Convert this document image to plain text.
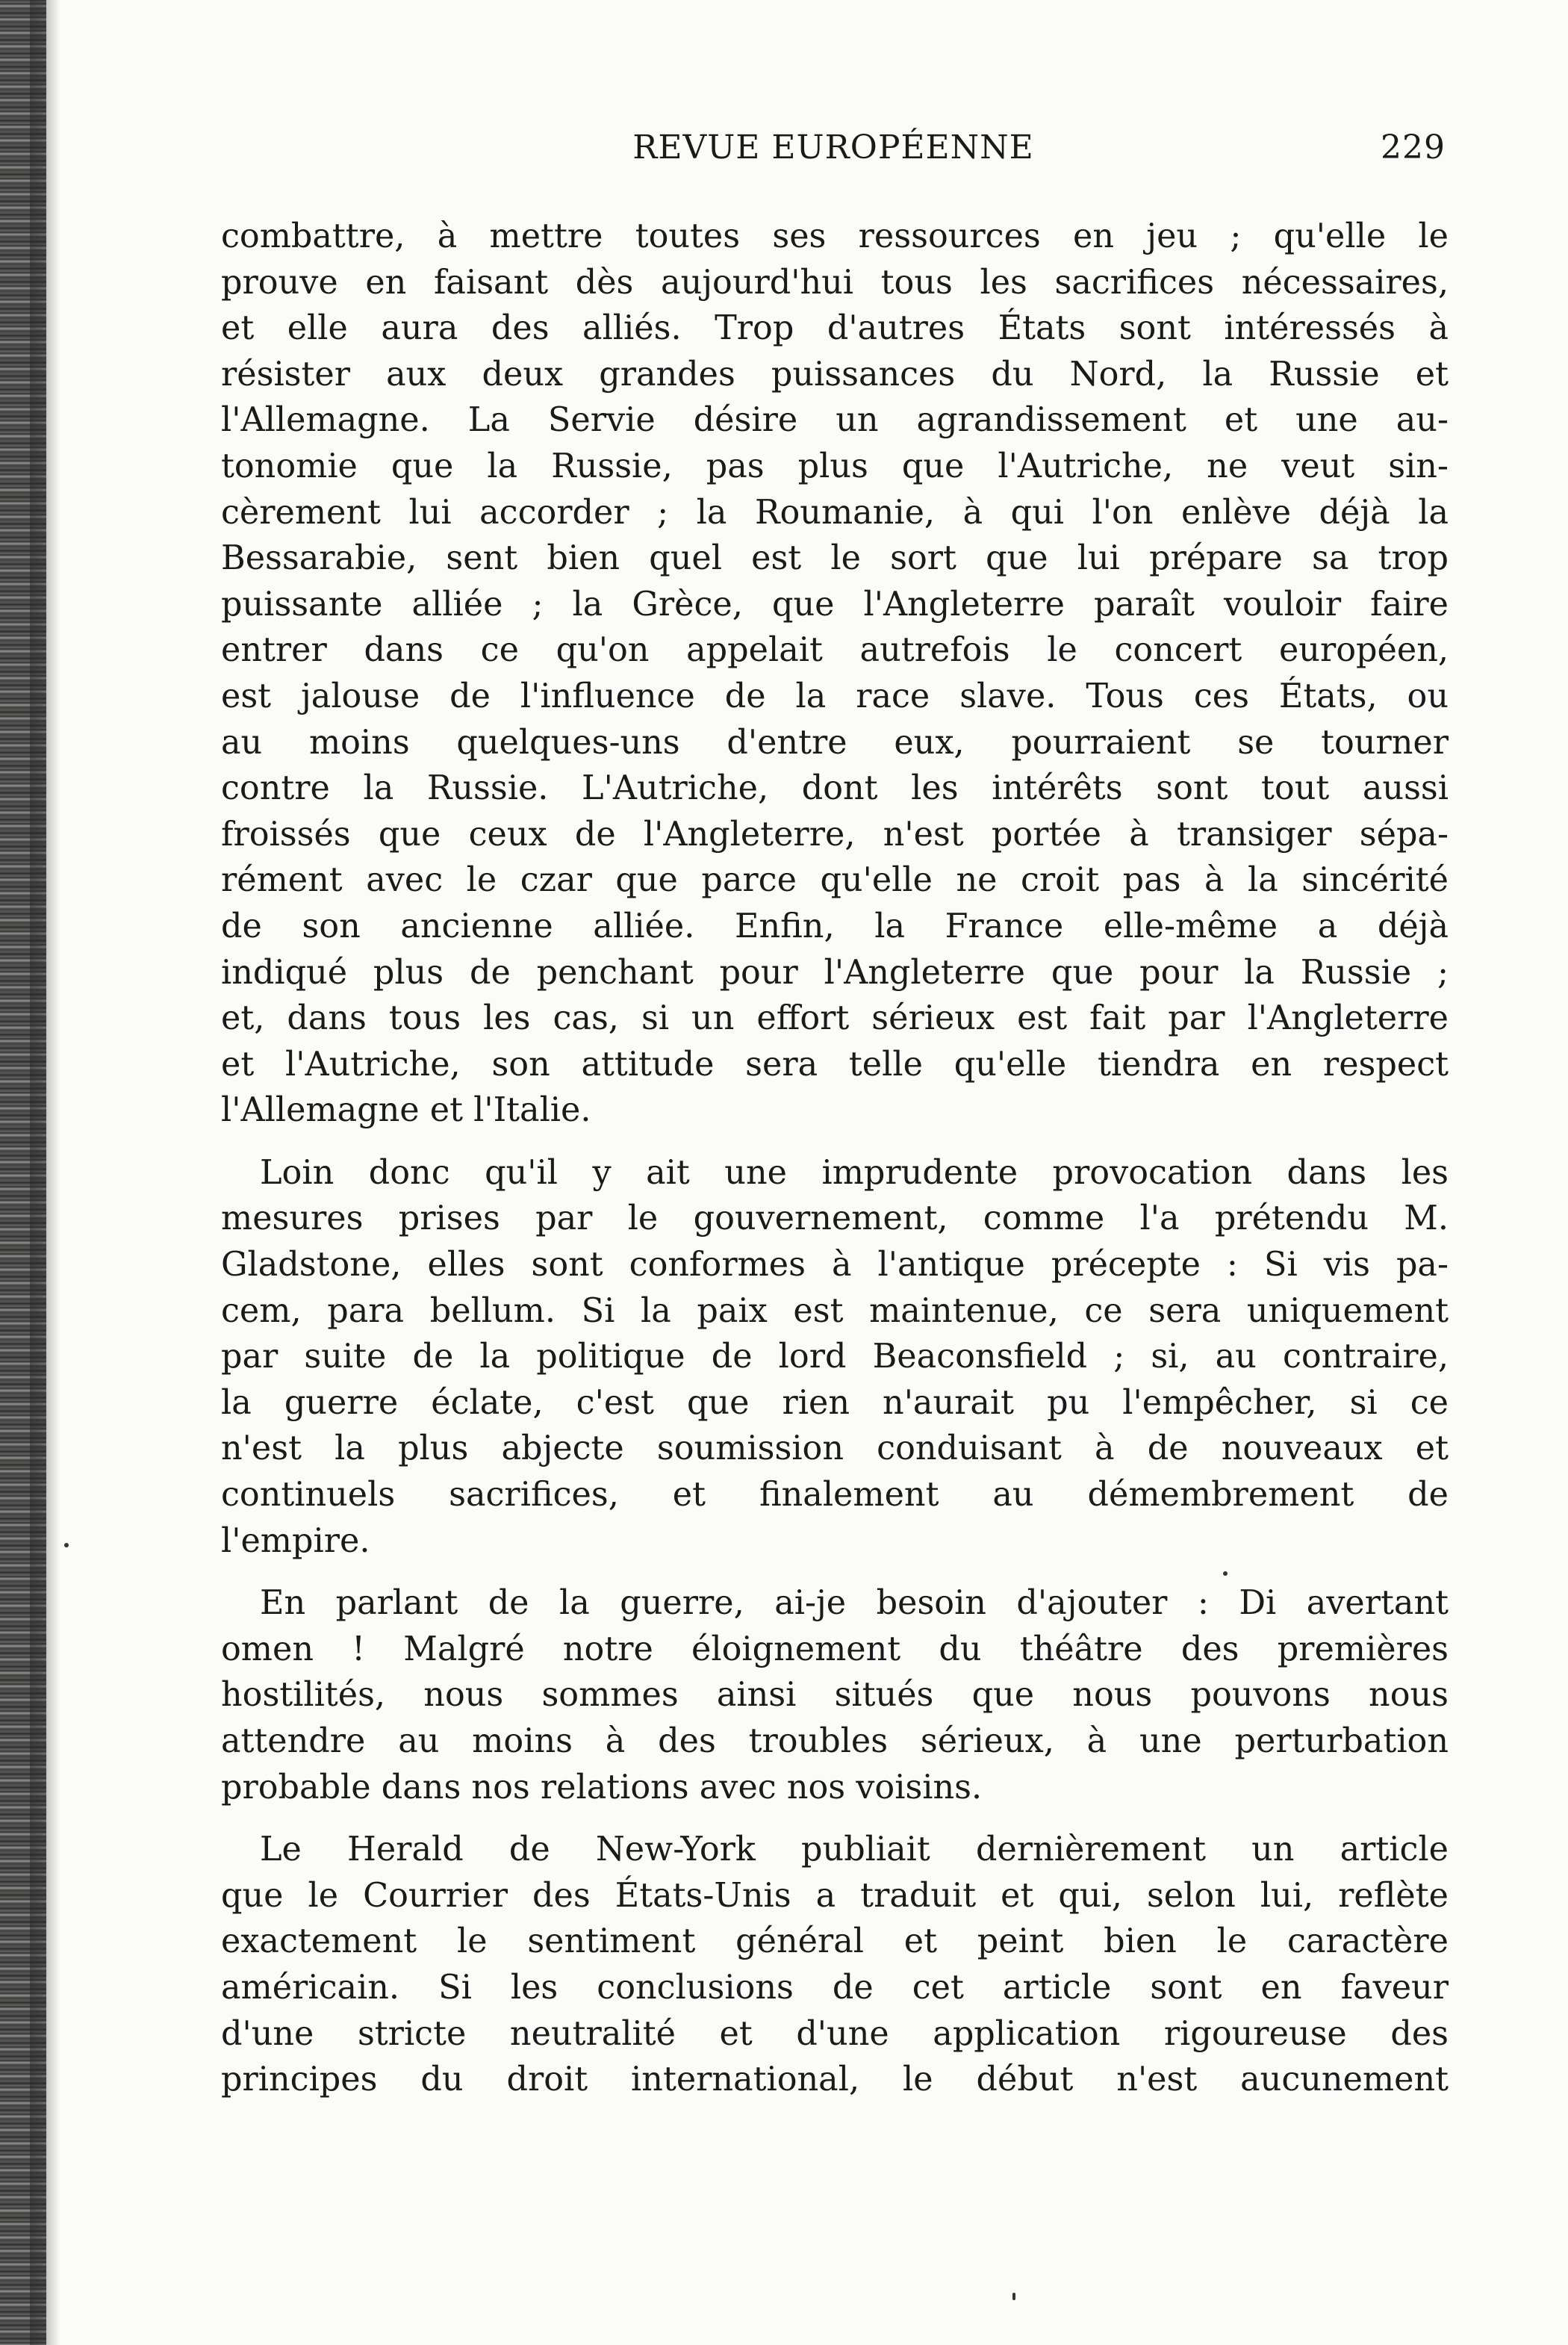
REVUE EUROPÉENNE	229
combattre, à mettre toutes ses ressources en jeu ; qu'elle le
prouve en faisant dès aujourd'hui tous les sacrifices nécessaires,
et elle aura des alliés. Trop d'autres États sont intéressés à
résister aux deux grandes puissances du Nord, la Russie et
l'Allemagne. La Servie désire un agrandissement et une au-
tonomie que la Russie, pas plus que l'Autriche, ne veut sin-
cèrement lui accorder ; la Roumanie, à qui l'on enlève déjà la
Bessarabie, sent bien quel est le sort que lui prépare sa trop
puissante alliée ; la Grèce, que l'Angleterre paraît vouloir faire
entrer dans ce qu'on appelait autrefois le concert européen,
est jalouse de l'influence de la race slave. Tous ces États, ou
au moins quelques-uns d'entre eux, pourraient se tourner
contre la Russie. L'Autriche, dont les intérêts sont tout aussi
froissés que ceux de l'Angleterre, n'est portée à transiger sépa-
rément avec le czar que parce qu'elle ne croit pas à la sincérité
de son ancienne alliée. Enfin, la France elle-même a déjà
indiqué plus de penchant pour l'Angleterre que pour la Russie ;
et, dans tous les cas, si un effort sérieux est fait par l'Angleterre
et l'Autriche, son attitude sera telle qu'elle tiendra en respect
l'Allemagne et l'Italie.
Loin donc qu'il y ait une imprudente provocation dans les
mesures prises par le gouvernement, comme l'a prétendu M.
Gladstone, elles sont conformes à l'antique précepte : Si vis pa-
cem, para bellum. Si la paix est maintenue, ce sera uniquement
par suite de la politique de lord Beaconsfield ; si, au contraire,
la guerre éclate, c'est que rien n'aurait pu l'empêcher, si ce
n'est la plus abjecte soumission conduisant à de nouveaux et
continuels sacrifices, et finalement au démembrement de
l'empire.
En parlant de la guerre, ai-je besoin d'ajouter : Di avertant
omen ! Malgré notre éloignement du théâtre des premières
hostilités, nous sommes ainsi situés que nous pouvons nous
attendre au moins à des troubles sérieux, à une perturbation
probable dans nos relations avec nos voisins.
Le Herald de New-York publiait dernièrement un article
que le Courrier des États-Unis a traduit et qui, selon lui, reflète
exactement le sentiment général et peint bien le caractère
américain. Si les conclusions de cet article sont en faveur
d'une stricte neutralité et d'une application rigoureuse des
principes du droit international, le début n'est aucunement
